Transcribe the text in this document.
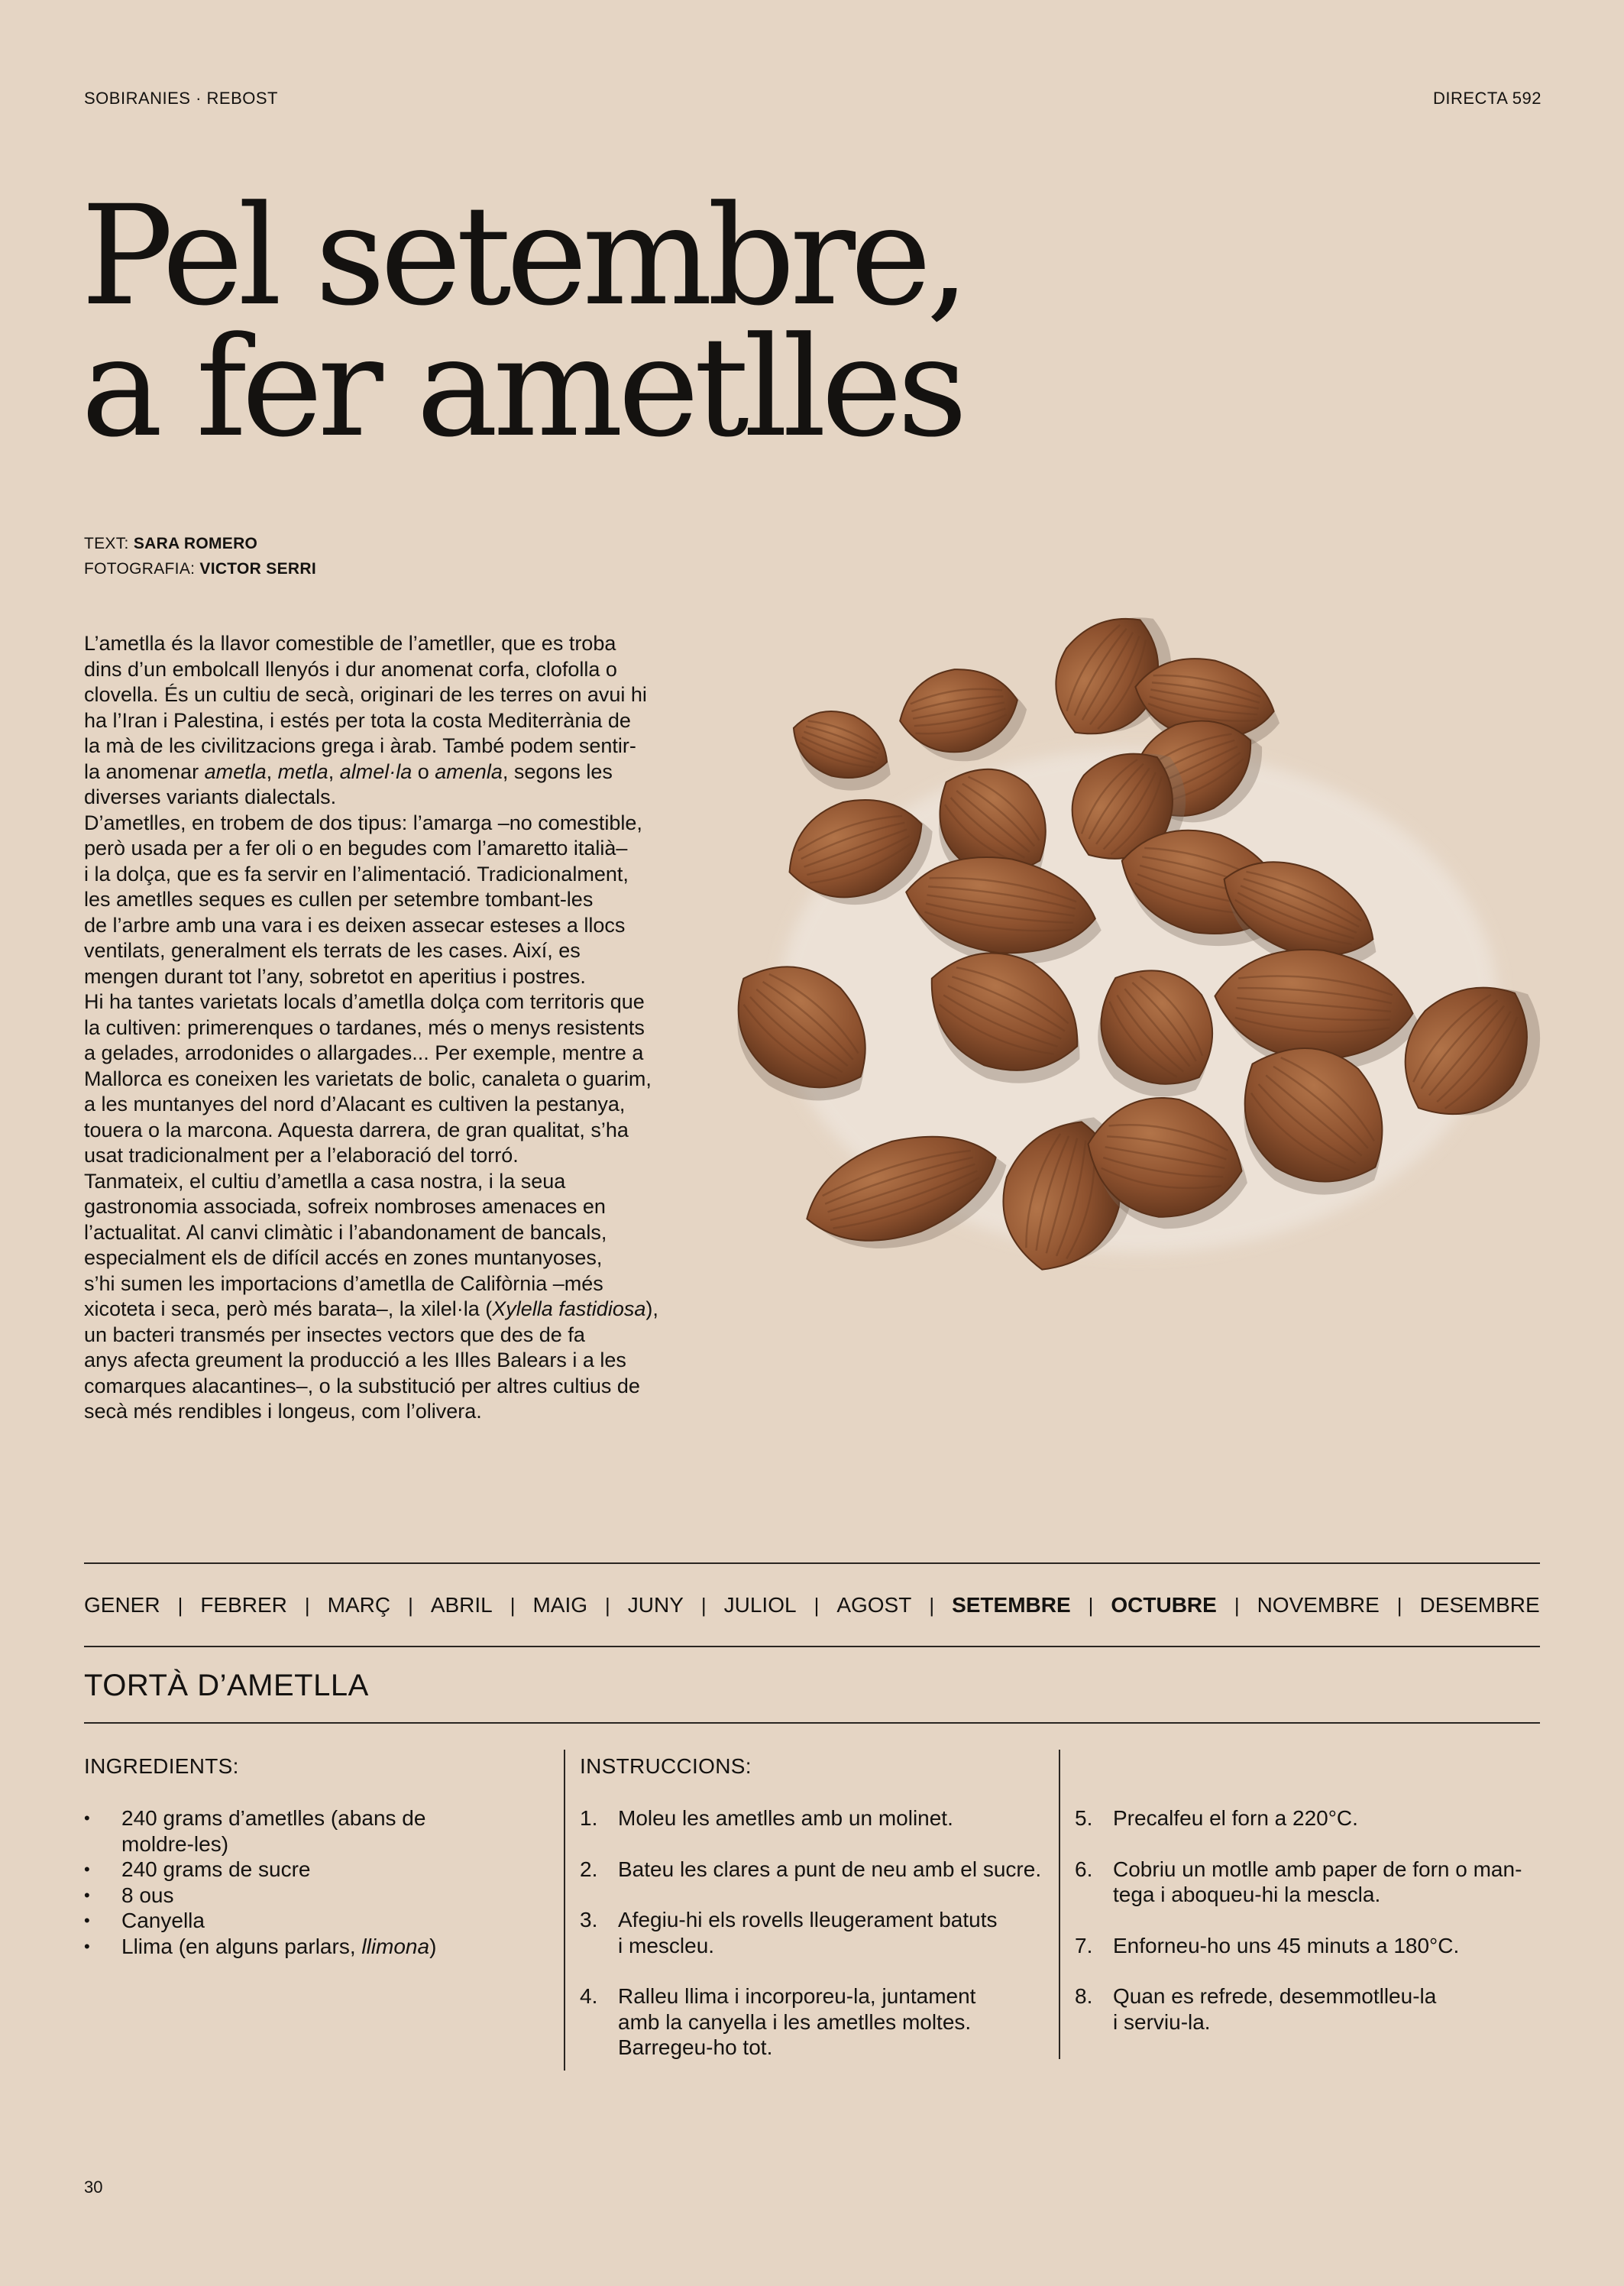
SOBIRANIES · REBOST	DIRECTA 592
Pel setembre,
a fer ametlles
TEXT: SARA ROMERO
FOTOGRAFIA: VICTOR SERRI

L’ametlla és la llavor comestible de l’ametller, que es troba
dins d’un embolcall llenyós i dur anomenat corfa, clofolla o
clovella. És un cultiu de secà, originari de les terres on avui hi
ha l’Iran i Palestina, i estés per tota la costa Mediterrània de
la mà de les civilitzacions grega i àrab. També podem sentir-
la anomenar ametla, metla, almel·la o amenla, segons les
diverses variants dialectals.

D’ametlles, en trobem de dos tipus: l’amarga –no comestible,
però usada per a fer oli o en begudes com l’amaretto italià–
i la dolça, que es fa servir en l’alimentació. Tradicionalment,
les ametlles seques es cullen per setembre tombant-les
de l’arbre amb una vara i es deixen assecar esteses a llocs
ventilats, generalment els terrats de les cases. Així, es
mengen durant tot l’any, sobretot en aperitius i postres.

Hi ha tantes varietats locals d’ametlla dolça com territoris que
la cultiven: primerenques o tardanes, més o menys resistents
a gelades, arrodonides o allargades... Per exemple, mentre a
Mallorca es coneixen les varietats de bolic, canaleta o guarim,
a les muntanyes del nord d’Alacant es cultiven la pestanya,
touera o la marcona. Aquesta darrera, de gran qualitat, s’ha
usat tradicionalment per a l’elaboració del torró.

Tanmateix, el cultiu d’ametlla a casa nostra, i la seua
gastronomia associada, sofreix nombroses amenaces en
l’actualitat. Al canvi climàtic i l’abandonament de bancals,
especialment els de difícil accés en zones muntanyoses,
s’hi sumen les importacions d’ametlla de Califòrnia –més
xicoteta i seca, però més barata–, la xilel·la (Xylella fastidiosa),
un bacteri transmés per insectes vectors que des de fa
anys afecta greument la producció a les Illes Balears i a les
comarques alacantines–, o la substitució per altres cultius de
secà més rendibles i longeus, com l’olivera.

GENER | FEBRER | MARÇ | ABRIL | MAIG | JUNY | JULIOL | AGOST | SETEMBRE | OCTUBRE | NOVEMBRE | DESEMBRE
TORTÀ D’AMETLLA
INGREDIENTS:
• 240 grams d’ametlles (abans de
moldre-les)
• 240 grams de sucre
• 8 ous
• Canyella
• Llima (en alguns parlars, llimona)
INSTRUCCIONS:
1. Moleu les ametlles amb un molinet.
2. Bateu les clares a punt de neu amb el sucre.
3. Afegiu-hi els rovells lleugerament batuts
i mescleu.
4. Ralleu llima i incorporeu-la, juntament
amb la canyella i les ametlles moltes.
Barregeu-ho tot.
5. Precalfeu el forn a 220°C.
6. Cobriu un motlle amb paper de forn o man-
tega i aboqueu-hi la mescla.
7. Enforneu-ho uns 45 minuts a 180°C.
8. Quan es refrede, desemmotlleu-la
i serviu-la.
30
